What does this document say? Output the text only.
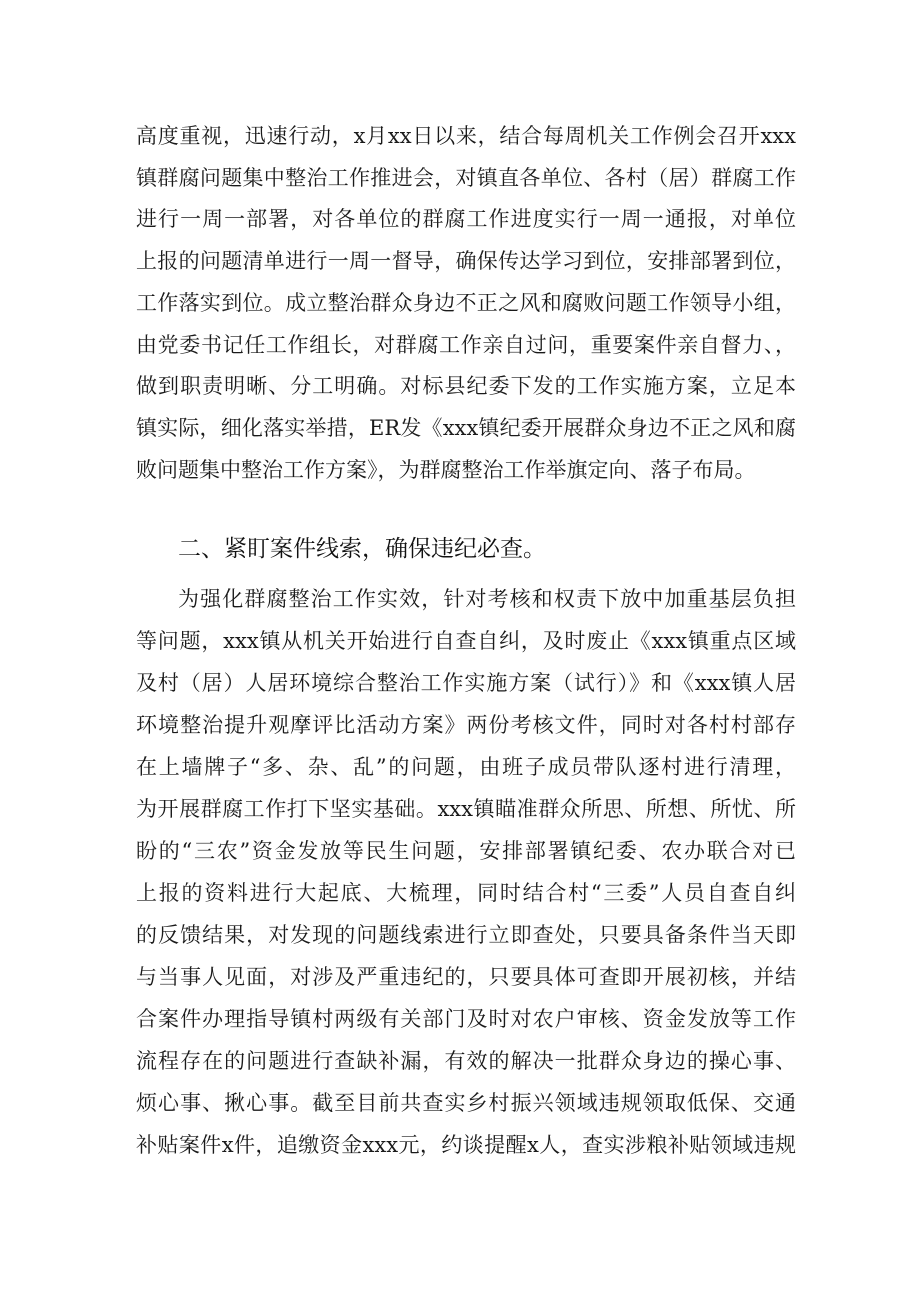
高度重视，迅速行动，x月xx日以来，结合每周机关工作例会召开xxx
镇群腐问题集中整治工作推进会，对镇直各单位、各村（居）群腐工作
进行一周一部署，对各单位的群腐工作进度实行一周一通报，对单位
上报的问题清单进行一周一督导，确保传达学习到位，安排部署到位，
工作落实到位。成立整治群众身边不正之风和腐败问题工作领导小组，
由党委书记任工作组长，对群腐工作亲自过问，重要案件亲自督力、，
做到职责明晰、分工明确。对标县纪委下发的工作实施方案，立足本
镇实际，细化落实举措，ER发《xxx镇纪委开展群众身边不正之风和腐
败问题集中整治工作方案》，为群腐整治工作举旗定向、落子布局。
二、紧盯案件线索，确保违纪必查。
为强化群腐整治工作实效，针对考核和权责下放中加重基层负担
等问题，xxx镇从机关开始进行自查自纠，及时废止《xxx镇重点区域
及村（居）人居环境综合整治工作实施方案（试行）》和《xxx镇人居
环境整治提升观摩评比活动方案》两份考核文件，同时对各村村部存
在上墙牌子“多、杂、乱”的问题，由班子成员带队逐村进行清理，
为开展群腐工作打下坚实基础。xxx镇瞄准群众所思、所想、所忧、所
盼的“三农”资金发放等民生问题，安排部署镇纪委、农办联合对已
上报的资料进行大起底、大梳理，同时结合村“三委”人员自查自纠
的反馈结果，对发现的问题线索进行立即查处，只要具备条件当天即
与当事人见面，对涉及严重违纪的，只要具体可查即开展初核，并结
合案件办理指导镇村两级有关部门及时对农户审核、资金发放等工作
流程存在的问题进行查缺补漏，有效的解决一批群众身边的操心事、
烦心事、揪心事。截至目前共查实乡村振兴领域违规领取低保、交通
补贴案件x件，追缴资金xxx元，约谈提醒x人，查实涉粮补贴领域违规
